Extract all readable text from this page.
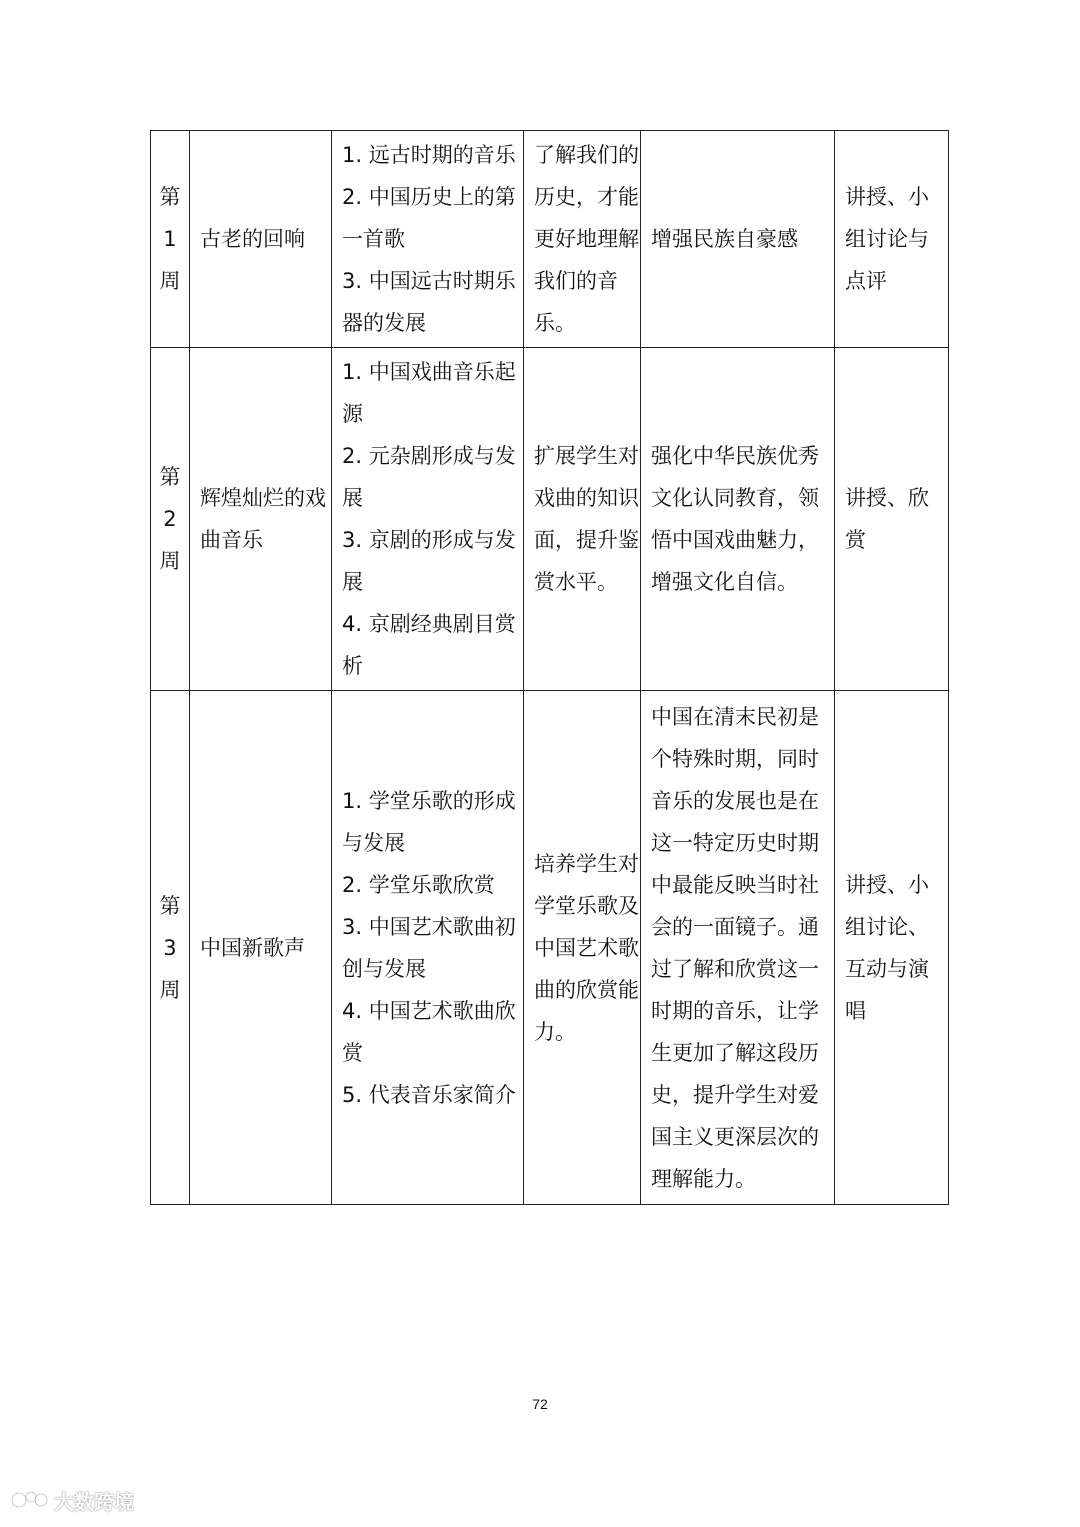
第
1
周	古老的回响	1. 远古时期的音乐
2. 中国历史上的第一首歌
3. 中国远古时期乐器的发展	了解我们的历史，才能更好地理解我们的音乐。	增强民族自豪感	讲授、小组讨论与点评

第
2
周	辉煌灿烂的戏曲音乐	1. 中国戏曲音乐起源
2. 元杂剧形成与发展
3. 京剧的形成与发展
4. 京剧经典剧目赏析	扩展学生对戏曲的知识面，提升鉴赏水平。	强化中华民族优秀文化认同教育，领悟中国戏曲魅力，增强文化自信。	讲授、欣赏

第
3
周	中国新歌声	1. 学堂乐歌的形成与发展
2. 学堂乐歌欣赏
3. 中国艺术歌曲初创与发展
4. 中国艺术歌曲欣赏
5. 代表音乐家简介	培养学生对学堂乐歌及中国艺术歌曲的欣赏能力。	中国在清末民初是个特殊时期，同时音乐的发展也是在这一特定历史时期中最能反映当时社会的一面镜子。通过了解和欣赏这一时期的音乐，让学生更加了解这段历史，提升学生对爱国主义更深层次的理解能力。	讲授、小组讨论、互动与演唱
72
大数跨境
